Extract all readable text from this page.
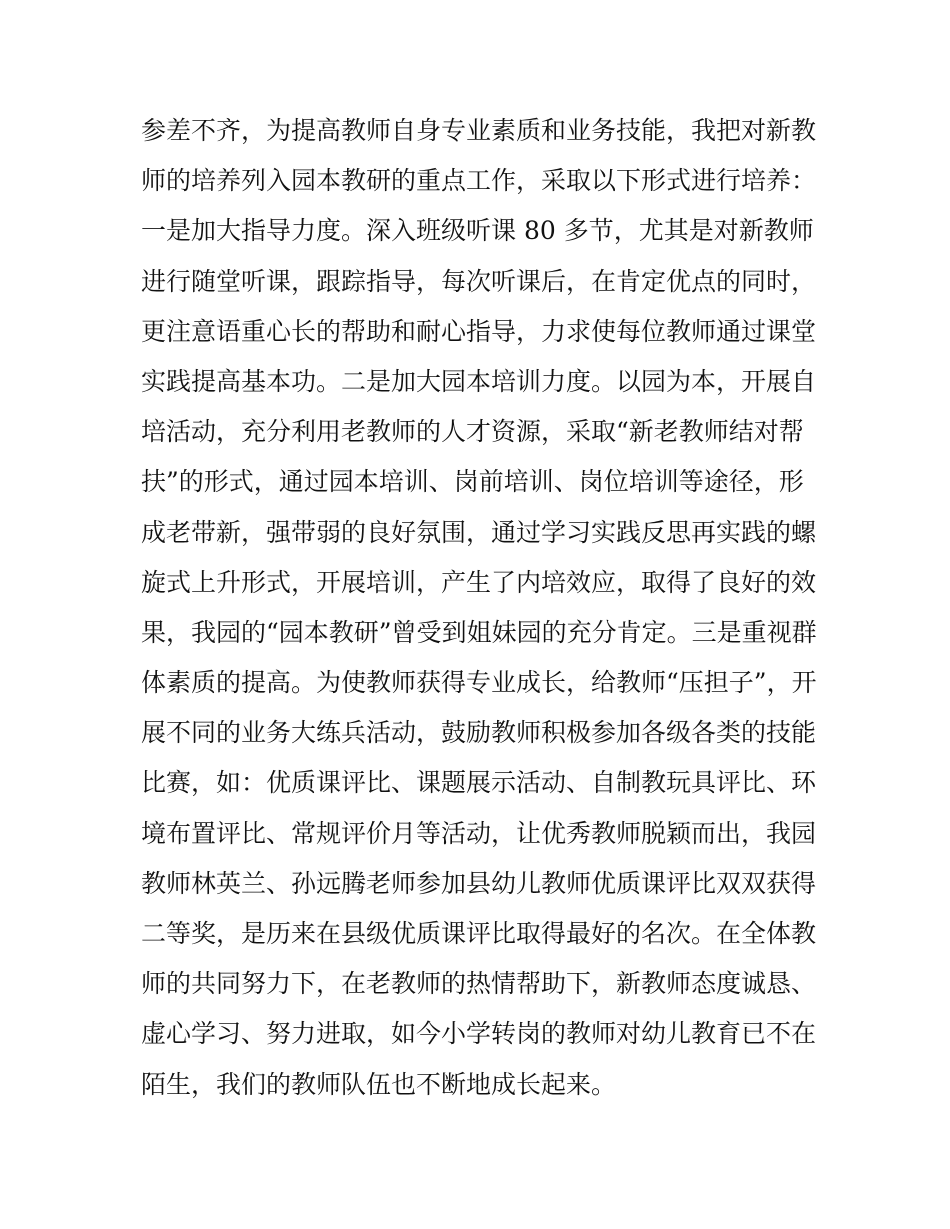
参差不齐，为提高教师自身专业素质和业务技能，我把对新教
师的培养列入园本教研的重点工作，采取以下形式进行培养：
一是加大指导力度。深入班级听课 80 多节，尤其是对新教师
进行随堂听课，跟踪指导，每次听课后，在肯定优点的同时，
更注意语重心长的帮助和耐心指导，力求使每位教师通过课堂
实践提高基本功。二是加大园本培训力度。以园为本，开展自
培活动，充分利用老教师的人才资源，采取“新老教师结对帮
扶”的形式，通过园本培训、岗前培训、岗位培训等途径，形
成老带新，强带弱的良好氛围，通过学习实践反思再实践的螺
旋式上升形式，开展培训，产生了内培效应，取得了良好的效
果，我园的“园本教研”曾受到姐妹园的充分肯定。三是重视群
体素质的提高。为使教师获得专业成长，给教师“压担子”，开
展不同的业务大练兵活动，鼓励教师积极参加各级各类的技能
比赛，如：优质课评比、课题展示活动、自制教玩具评比、环
境布置评比、常规评价月等活动，让优秀教师脱颖而出，我园
教师林英兰、孙远腾老师参加县幼儿教师优质课评比双双获得
二等奖，是历来在县级优质课评比取得最好的名次。在全体教
师的共同努力下，在老教师的热情帮助下，新教师态度诚恳、
虚心学习、努力进取，如今小学转岗的教师对幼儿教育已不在
陌生，我们的教师队伍也不断地成长起来。
